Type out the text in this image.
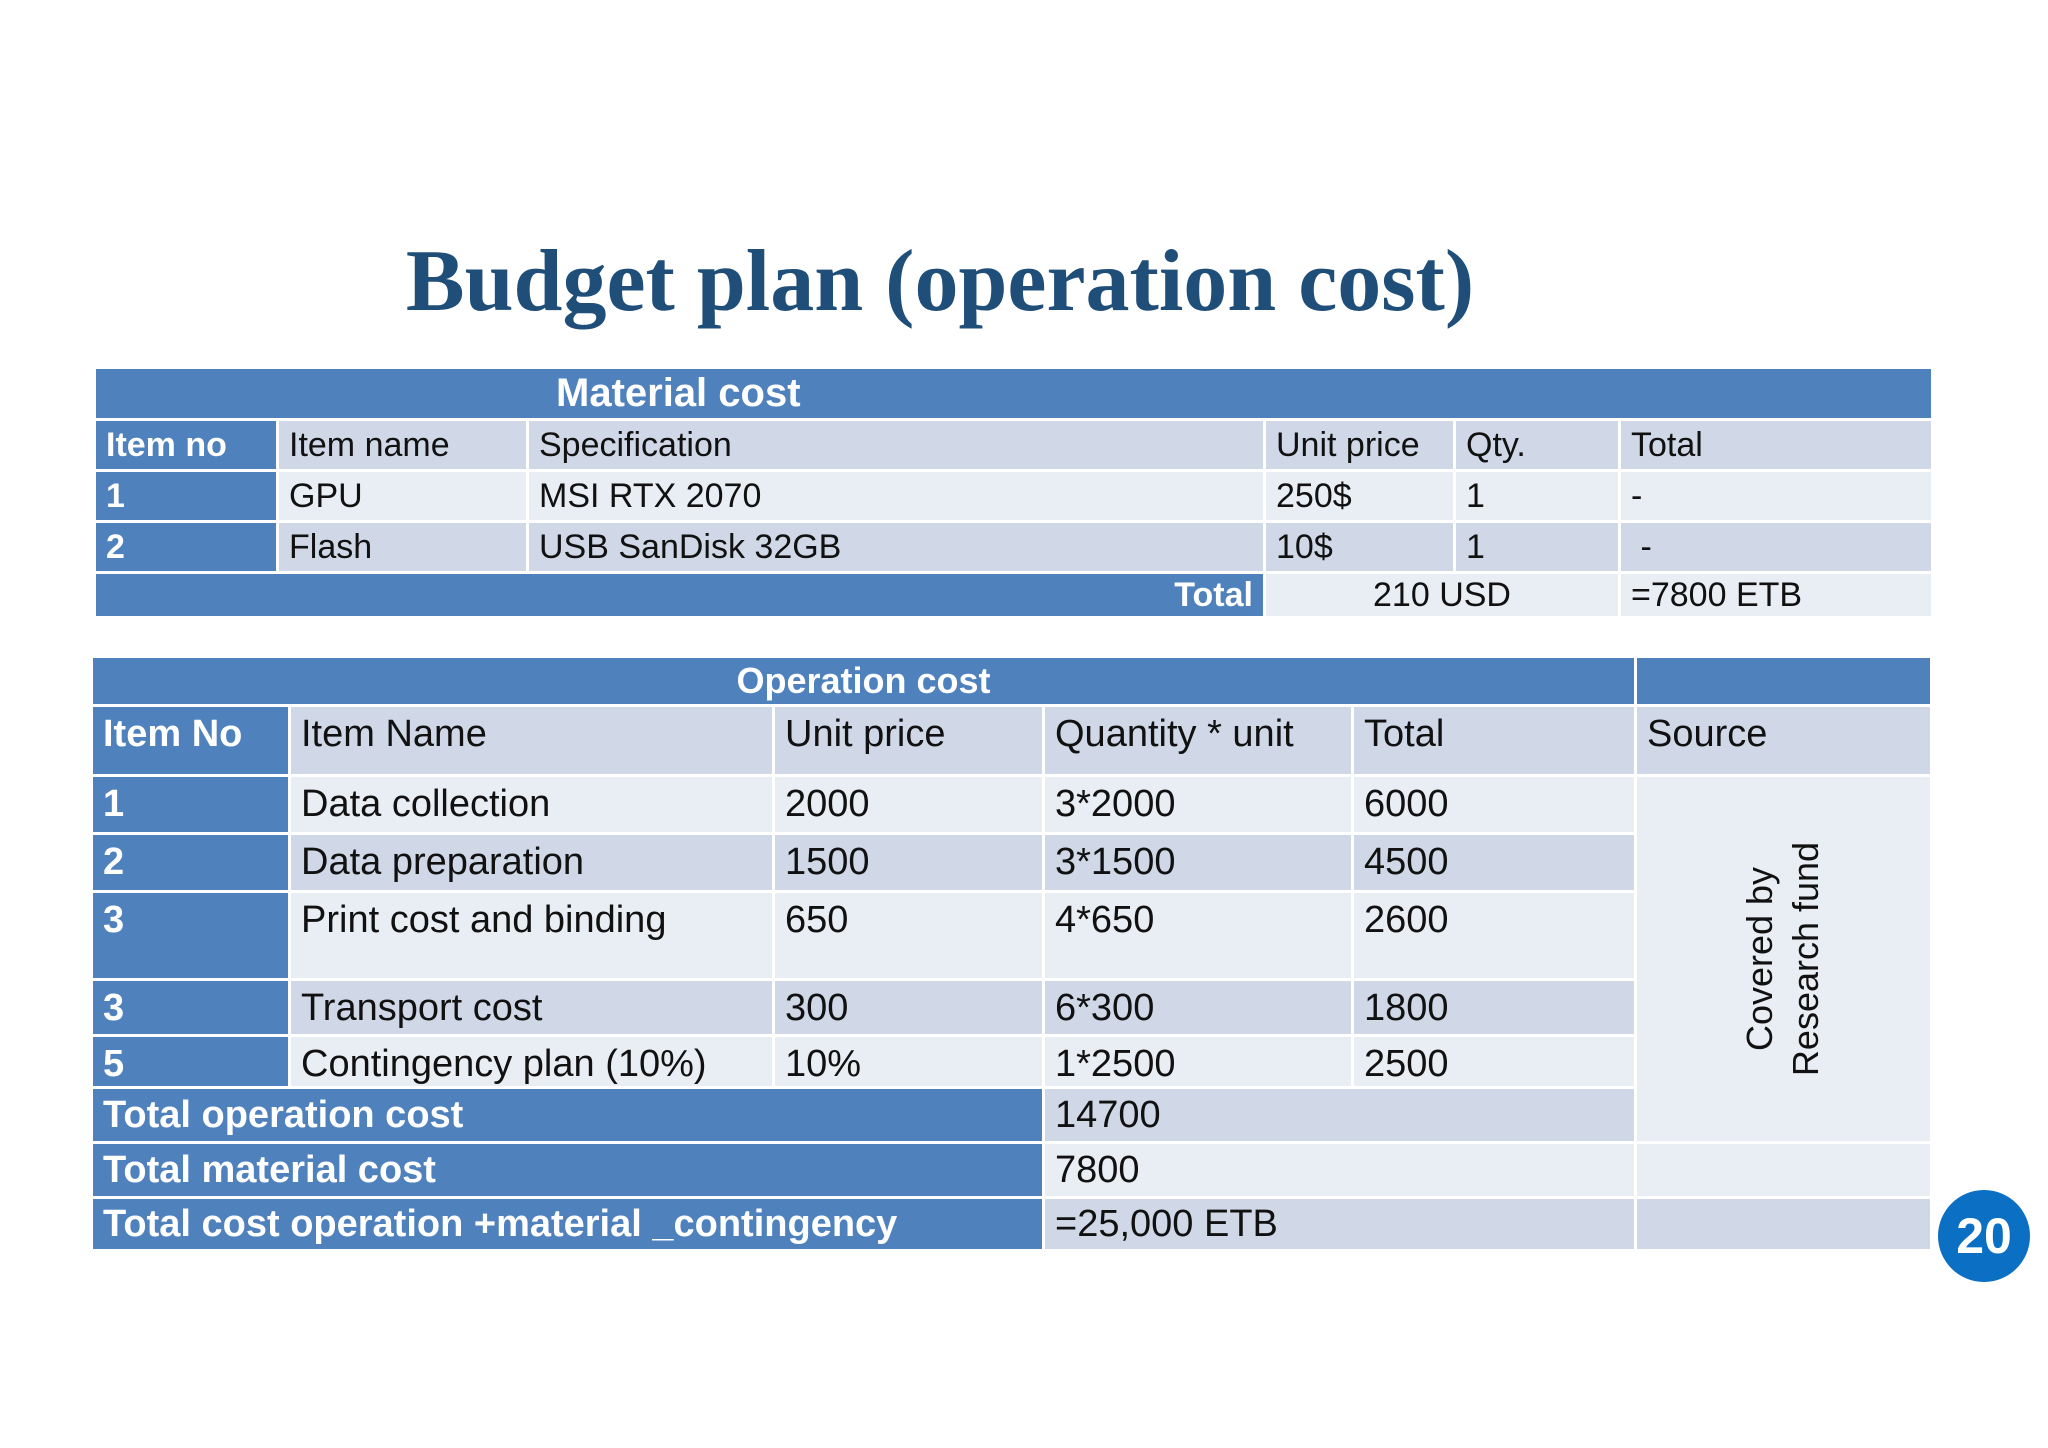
Budget plan (operation cost)
Material cost					
Item no	Item name	Specification	Unit price	Qty.	Total
1	GPU	MSI RTX 2070	250$	1	-
2	Flash	USB SanDisk 32GB	10$	1	-
Total			210 USD		=7800 ETB
Operation cost					
Item No	Item Name	Unit price	Quantity * unit	Total	Source
1	Data collection	2000	3*2000	6000	Covered by Research fund

2	Data preparation	1500	3*1500	4500	
3	Print cost and binding	650	4*650	2600	
3	Transport cost	300	6*300	1800	
5	Contingency plan (10%)	10%	1*2500	2500	
Total operation cost			14700		
Total material cost			7800		
Total cost operation +material _contingency			=25,000 ETB			20
